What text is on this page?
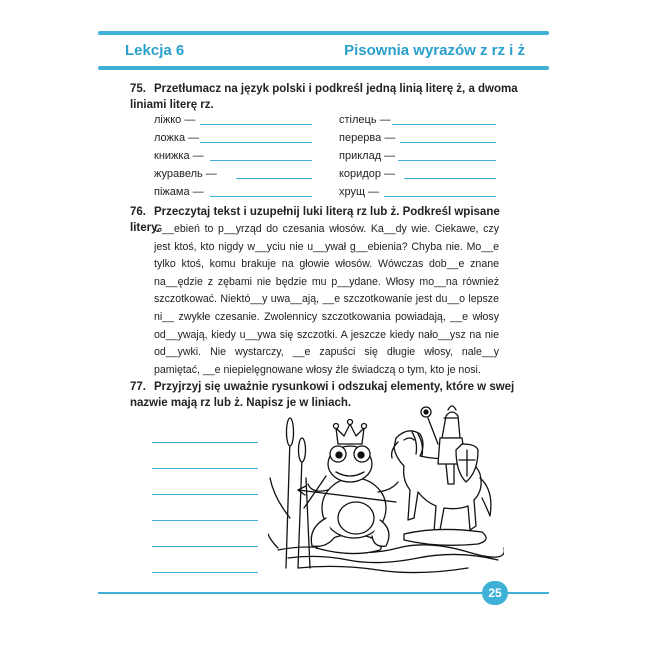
Lekcja 6	Pisownia wyrazów z rz i ż
75. Przetłumacz na język polski i podkreśl jedną linią literę ż, a dwoma liniami literę rz.
ліжко —
ложка —
книжка —
журавель —
піжама —
стілець —
перерва —
приклад —
коридор —
хрущ —
76. Przeczytaj tekst i uzupełnij luki literą rz lub ż. Podkreśl wpisane litery.

G__ebień to p__yrząd do czesania włosów. Ka__dy wie. Ciekawe, czy jest ktoś, kto nigdy w__yciu nie u__ywał g__ebienia? Chyba nie. Mo__e tylko ktoś, komu brakuje na głowie włosów. Wówczas dob__e znane na__ędzie z zębami nie będzie mu p__ydane. Włosy mo__na również szczotkować. Niektó__y uwa__ają, __e szczotkowanie jest du__o lepsze ni__ zwykłe czesanie. Zwolennicy szczotkowania powiadają, __e włosy od__ywają, kiedy u__ywa się szczotki. A jeszcze kiedy nało__ysz na nie od__ywki. Nie wystarczy, __e zapuści się długie włosy, nale__y pamiętać, __e niepielęgnowane włosy źle świadczą o tym, kto je nosi.

77. Przyjrzyj się uważnie rysunkowi i odszukaj elementy, które w swej nazwie mają rz lub ż. Napisz je w liniach.
25
